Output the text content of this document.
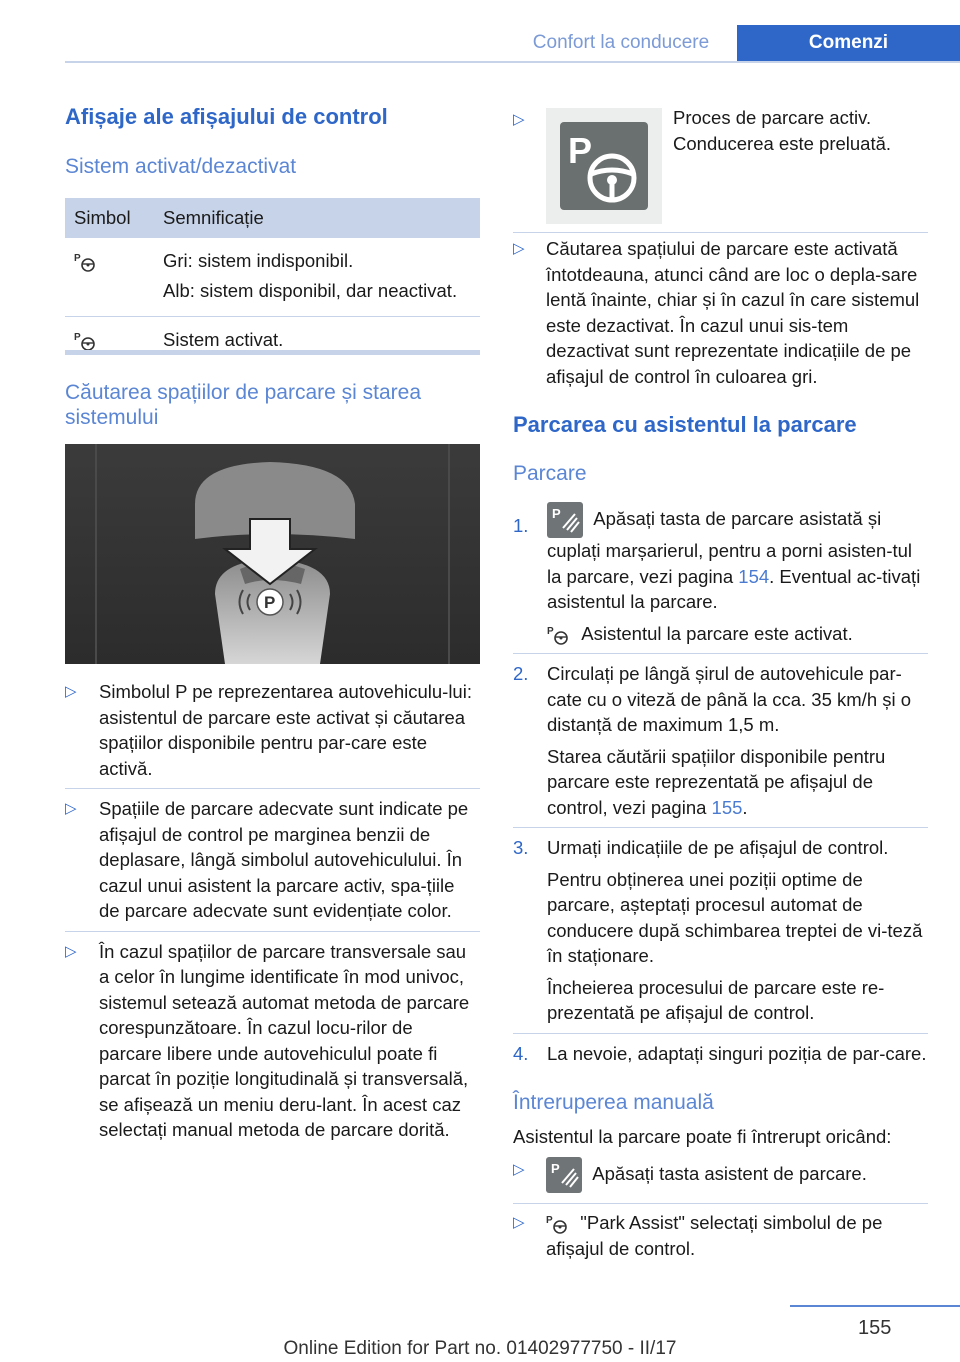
Confort la conducere	Comenzi
Afișaje ale afișajului de control
Sistem activat/dezactivat
Simbol	Semnificație

P	Gri: sistem indisponibil.
Alb: sistem disponibil, dar neactivat.

P	Sistem activat.
Căutarea spațiilor de parcare și starea
sistemului
P
▷ Simbolul P pe reprezentarea autovehiculu-lui: asistentul de parcare este activat și căutarea spațiilor disponibile pentru par-care este activă.
▷ Spațiile de parcare adecvate sunt indicate pe afișajul de control pe marginea benzii de deplasare, lângă simbolul autovehiculului. În cazul unui asistent la parcare activ, spa-țiile de parcare adecvate sunt evidențiate color.
▷ În cazul spațiilor de parcare transversale sau a celor în lungime identificate în mod univoc, sistemul setează automat metoda de parcare corespunzătoare. În cazul locu-rilor de parcare libere unde autovehiculul poate fi parcat în poziție longitudinală și transversală, se afișează un meniu deru-lant. În acest caz selectați manual metoda de parcare dorită.
▷
P
Proces de parcare activ. Conducerea este preluată.
▷	Căutarea spațiului de parcare este activată întotdeauna, atunci când are loc o depla-sare lentă înainte, chiar și în cazul în care sistemul este dezactivat. În cazul unui sis-tem dezactivat sunt reprezentate indicațiile de pe afișajul de control în culoarea gri.
Parcarea cu asistentul la parcare
Parcare
1.
P Apăsați tasta de parcare asistată și cuplați marșarierul, pentru a porni asisten-tul la parcare, vezi pagina 154. Eventual ac-tivați asistentul la parcare.
P Asistentul la parcare este activat.
2. Circulați pe lângă șirul de autovehicule par-cate cu o viteză de până la cca. 35 km/h și o distanță de maximum 1,5 m.
Starea căutării spațiilor disponibile pentru parcare este reprezentată pe afișajul de control, vezi pagina 155.
3. Urmați indicațiile de pe afișajul de control.
Pentru obținerea unei poziții optime de parcare, așteptați procesul automat de conducere după schimbarea treptei de vi-teză în staționare.
Încheierea procesului de parcare este re-prezentată pe afișajul de control.
4. La nevoie, adaptați singuri poziția de par-care.
Întreruperea manuală
Asistentul la parcare poate fi întrerupt oricând:
▷ P Apăsați tasta asistent de parcare.
▷ P "Park Assist" selectați simbolul de pe afișajul de control.
155
Online Edition for Part no. 01402977750 - II/17
